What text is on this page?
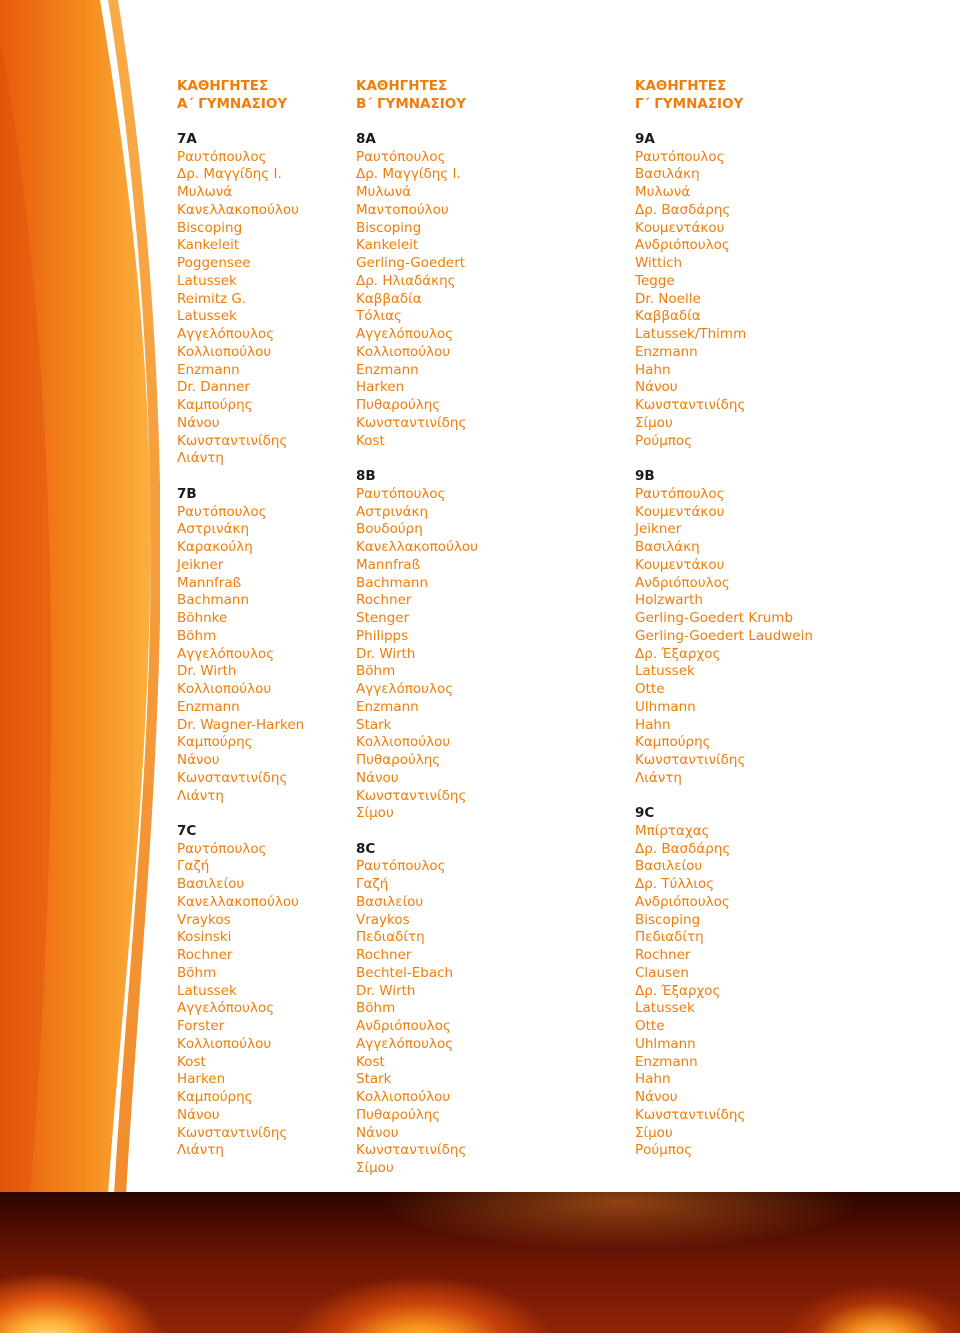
ΚΑΘΗΓΗΤΕΣ
Α΄ ΓΥΜΝΑΣΙΟΥ
7A
Ραυτόπουλος
Δρ. Μαγγίδης Ι.
Μυλωνά
Κανελλακοπούλου
Biscoping
Kankeleit
Poggensee
Latussek
Reimitz G.
Latussek
Αγγελόπουλος
Κολλιοπούλου
Enzmann
Dr. Danner
Καμπούρης
Νάνου
Κωνσταντινίδης
Λιάντη
7B
Ραυτόπουλος
Αστρινάκη
Καρακούλη
Jeikner
Mannfraß
Bachmann
Böhnke
Böhm
Αγγελόπουλος
Dr. Wirth
Κολλιοπούλου
Enzmann
Dr. Wagner-Harken
Καμπούρης
Νάνου
Κωνσταντινίδης
Λιάντη
7C
Ραυτόπουλος
Γαζή
Βασιλείου
Κανελλακοπούλου
Vraykos
Kosinski
Rochner
Böhm
Latussek
Αγγελόπουλος
Forster
Κολλιοπούλου
Kost
Harken
Καμπούρης
Νάνου
Κωνσταντινίδης
Λιάντη
ΚΑΘΗΓΗΤΕΣ
Β΄ ΓΥΜΝΑΣΙΟΥ
8A
Ραυτόπουλος
Δρ. Μαγγίδης Ι.
Μυλωνά
Μαντοπούλου
Biscoping
Kankeleit
Gerling-Goedert
Δρ. Ηλιαδάκης
Καββαδία
Τόλιας
Αγγελόπουλος
Κολλιοπούλου
Enzmann
Harken
Πυθαρούλης
Κωνσταντινίδης
Kost
8B
Ραυτόπουλος
Αστρινάκη
Βουδούρη
Κανελλακοπούλου
Mannfraß
Bachmann
Rochner
Stenger
Philipps
Dr. Wirth
Böhm
Αγγελόπουλος
Enzmann
Stark
Κολλιοπούλου
Πυθαρούλης
Νάνου
Κωνσταντινίδης
Σίμου
8C
Ραυτόπουλος
Γαζή
Βασιλείου
Vraykos
Πεδιαδίτη
Rochner
Bechtel-Ebach
Dr. Wirth
Böhm
Ανδριόπουλος
Αγγελόπουλος
Kost
Stark
Κολλιοπούλου
Πυθαρούλης
Νάνου
Κωνσταντινίδης
Σίμου
ΚΑΘΗΓΗΤΕΣ
Γ΄ ΓΥΜΝΑΣΙΟΥ
9A
Ραυτόπουλος
Βασιλάκη
Μυλωνά
Δρ. Βασδάρης
Κουμεντάκου
Ανδριόπουλος
Wittich
Tegge
Dr. Noelle
Καββαδία
Latussek/Thimm
Enzmann
Hahn
Νάνου
Κωνσταντινίδης
Σίμου
Ρούμπος
9B
Ραυτόπουλος
Κουμεντάκου
Jeikner
Βασιλάκη
Κουμεντάκου
Ανδριόπουλος
Holzwarth
Gerling-Goedert Krumb
Gerling-Goedert Laudwein
Δρ. Έξαρχος
Latussek
Otte
Ulhmann
Hahn
Καμπούρης
Κωνσταντινίδης
Λιάντη
9C
Μπίρταχας
Δρ. Βασδάρης
Βασιλείου
Δρ. Τύλλιος
Ανδριόπουλος
Biscoping
Πεδιαδίτη
Rochner
Clausen
Δρ. Έξαρχος
Latussek
Otte
Uhlmann
Enzmann
Hahn
Νάνου
Κωνσταντινίδης
Σίμου
Ρούμπος
